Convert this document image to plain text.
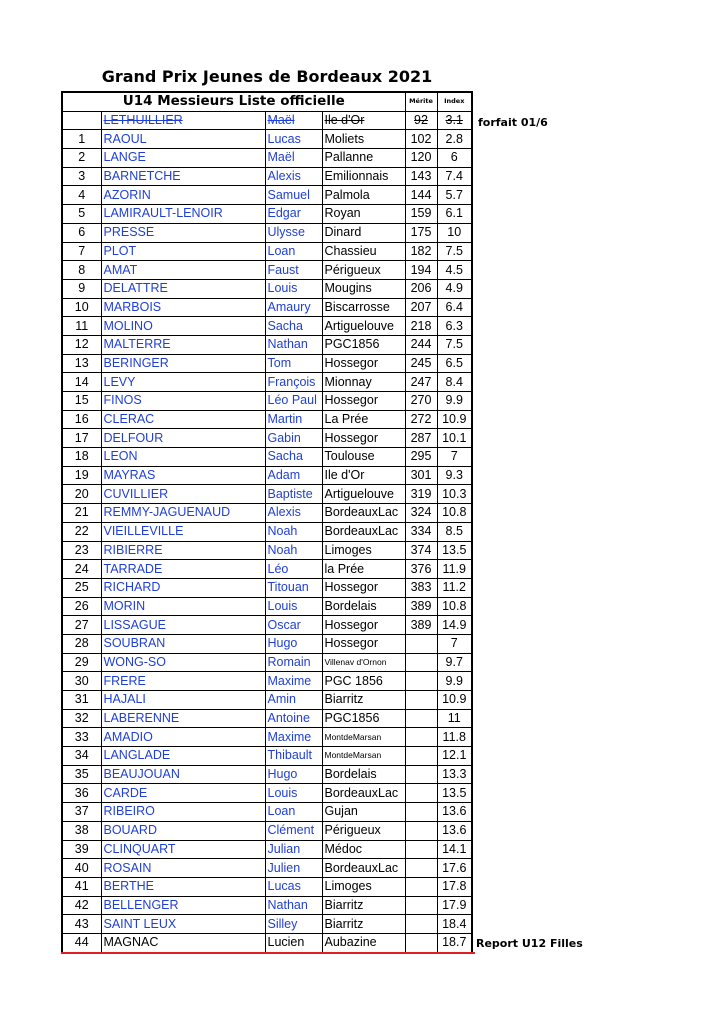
Grand Prix Jeunes de Bordeaux 2021
U14 Messieurs Liste officielle				Mérite	Index
	LETHUILLIER	Maël	Ile d'Or	92	3.1
1	RAOUL	Lucas	Moliets	102	2.8
2	LANGE	Maël	Pallanne	120	6
3	BARNETCHE	Alexis	Emilionnais	143	7.4
4	AZORIN	Samuel	Palmola	144	5.7
5	LAMIRAULT-LENOIR	Edgar	Royan	159	6.1
6	PRESSE	Ulysse	Dinard	175	10
7	PLOT	Loan	Chassieu	182	7.5
8	AMAT	Faust	Périgueux	194	4.5
9	DELATTRE	Louis	Mougins	206	4.9
10	MARBOIS	Amaury	Biscarrosse	207	6.4
11	MOLINO	Sacha	Artiguelouve	218	6.3
12	MALTERRE	Nathan	PGC1856	244	7.5
13	BERINGER	Tom	Hossegor	245	6.5
14	LEVY	François	Mionnay	247	8.4
15	FINOS	Léo Paul	Hossegor	270	9.9
16	CLERAC	Martin	La Prée	272	10.9
17	DELFOUR	Gabin	Hossegor	287	10.1
18	LEON	Sacha	Toulouse	295	7
19	MAYRAS	Adam	Ile d'Or	301	9.3
20	CUVILLIER	Baptiste	Artiguelouve	319	10.3
21	REMMY-JAGUENAUD	Alexis	BordeauxLac	324	10.8
22	VIEILLEVILLE	Noah	BordeauxLac	334	8.5
23	RIBIERRE	Noah	Limoges	374	13.5
24	TARRADE	Léo	la Prée	376	11.9
25	RICHARD	Titouan	Hossegor	383	11.2
26	MORIN	Louis	Bordelais	389	10.8
27	LISSAGUE	Oscar	Hossegor	389	14.9
28	SOUBRAN	Hugo	Hossegor		7
29	WONG-SO	Romain	Villenav d'Ornon		9.7
30	FRERE	Maxime	PGC 1856		9.9
31	HAJALI	Amin	Biarritz		10.9
32	LABERENNE	Antoine	PGC1856		11
33	AMADIO	Maxime	MontdeMarsan		11.8
34	LANGLADE	Thibault	MontdeMarsan		12.1
35	BEAUJOUAN	Hugo	Bordelais		13.3
36	CARDE	Louis	BordeauxLac		13.5
37	RIBEIRO	Loan	Gujan		13.6
38	BOUARD	Clément	Périgueux		13.6
39	CLINQUART	Julian	Médoc		14.1
40	ROSAIN	Julien	BordeauxLac		17.6
41	BERTHE	Lucas	Limoges		17.8
42	BELLENGER	Nathan	Biarritz		17.9
43	SAINT LEUX	Silley	Biarritz		18.4
44	MAGNAC	Lucien	Aubazine		18.7
forfait 01/6
Report U12 Filles
